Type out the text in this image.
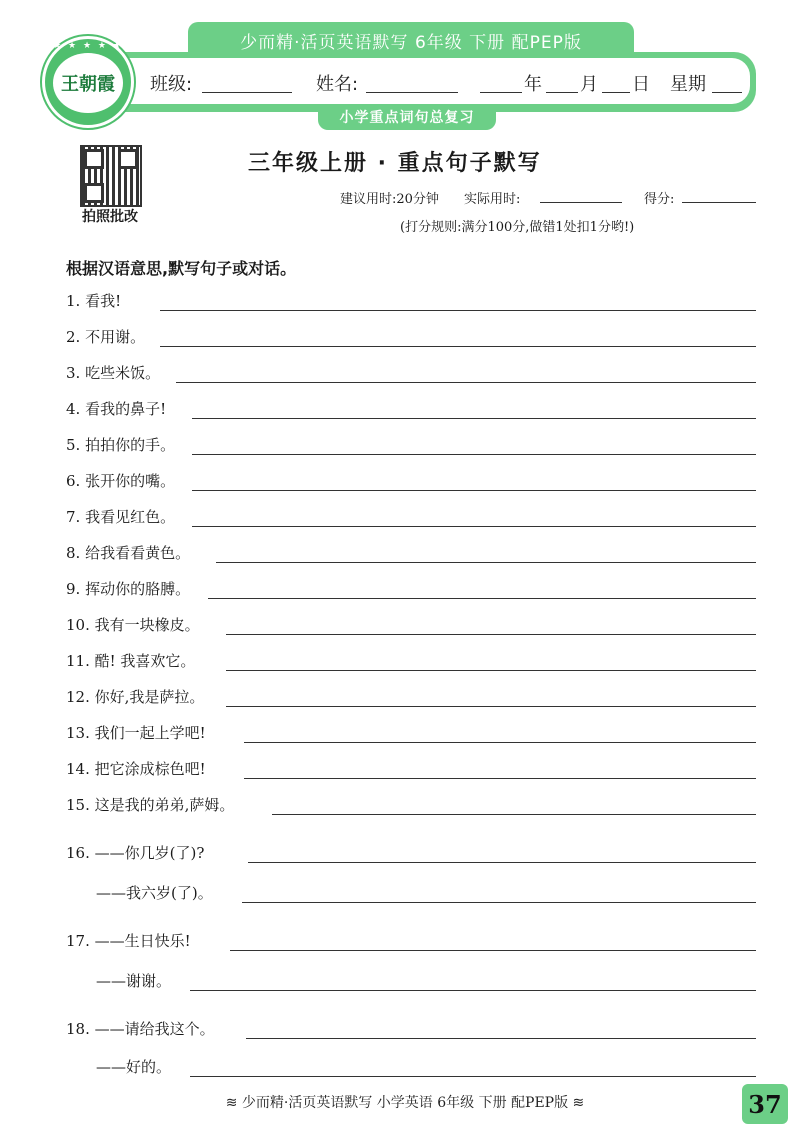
少而精·活页英语默写 6年级 下册 配PEP版
★ ★ ★ ★ ★
王朝霞	班级:	姓名:	年 月 日 星期
小学重点词句总复习
拍照批改
三年级上册 · 重点句子默写
建议用时:20分钟 实际用时:	得分:
(打分规则:满分100分,做错1处扣1分哟!)
根据汉语意思,默写句子或对话。
1. 看我!
2. 不用谢。
3. 吃些米饭。
4. 看我的鼻子!
5. 拍拍你的手。
6. 张开你的嘴。
7. 我看见红色。
8. 给我看看黄色。
9. 挥动你的胳膊。
10. 我有一块橡皮。
11. 酷! 我喜欢它。
12. 你好,我是萨拉。
13. 我们一起上学吧!
14. 把它涂成棕色吧!
15. 这是我的弟弟,萨姆。
16. ——你几岁(了)?
——我六岁(了)。
17. ——生日快乐!
——谢谢。
18. ——请给我这个。
——好的。
≋ 少而精·活页英语默写 小学英语 6年级 下册 配PEP版 ≋	37
